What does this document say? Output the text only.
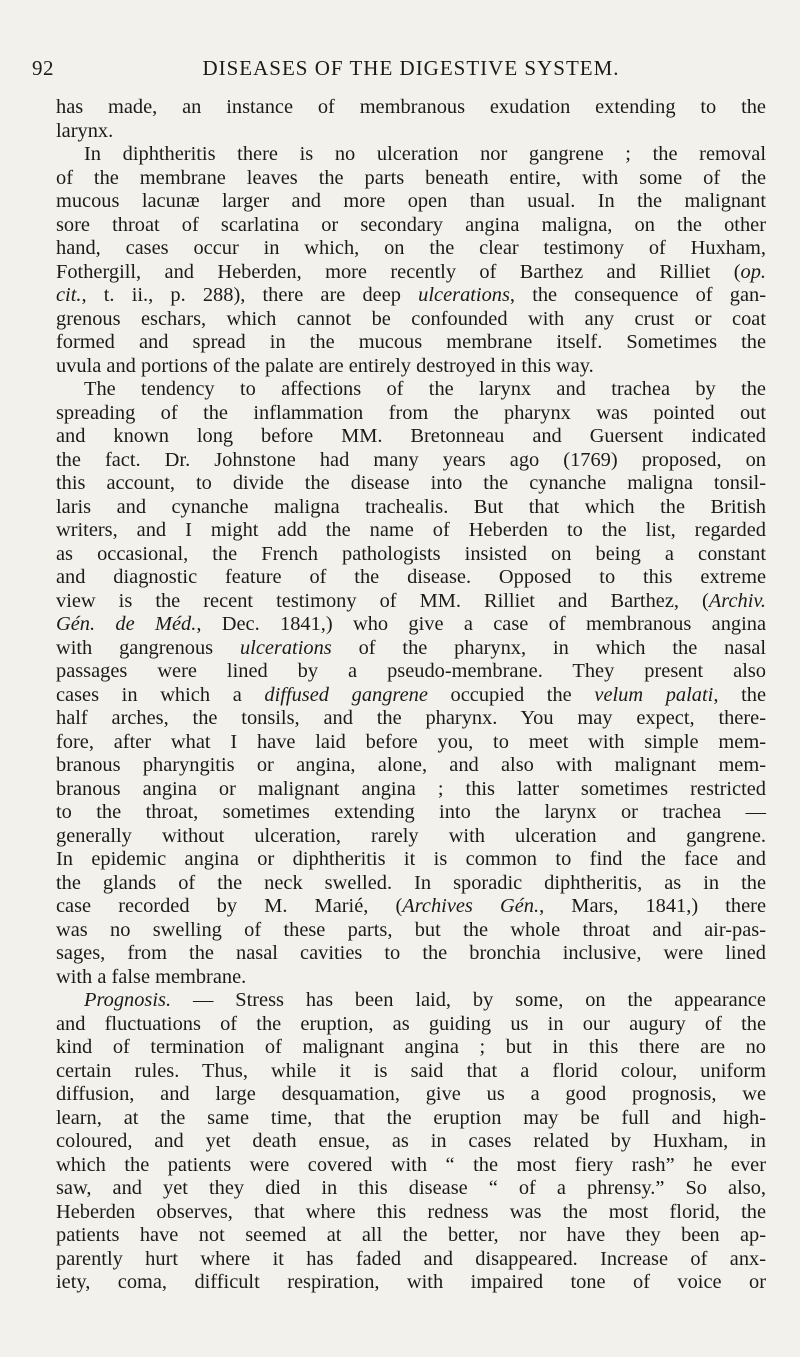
92	DISEASES OF THE DIGESTIVE SYSTEM.
has made, an instance of membranous exudation extending to the
larynx.
In diphtheritis there is no ulceration nor gangrene ; the removal
of the membrane leaves the parts beneath entire, with some of the
mucous lacunæ larger and more open than usual. In the malignant
sore throat of scarlatina or secondary angina maligna, on the other
hand, cases occur in which, on the clear testimony of Huxham,
Fothergill, and Heberden, more recently of Barthez and Rilliet (op.
cit., t. ii., p. 288), there are deep ulcerations, the consequence of gan-
grenous eschars, which cannot be confounded with any crust or coat
formed and spread in the mucous membrane itself. Sometimes the
uvula and portions of the palate are entirely destroyed in this way.
The tendency to affections of the larynx and trachea by the
spreading of the inflammation from the pharynx was pointed out
and known long before MM. Bretonneau and Guersent indicated
the fact. Dr. Johnstone had many years ago (1769) proposed, on
this account, to divide the disease into the cynanche maligna tonsil-
laris and cynanche maligna trachealis. But that which the British
writers, and I might add the name of Heberden to the list, regarded
as occasional, the French pathologists insisted on being a constant
and diagnostic feature of the disease. Opposed to this extreme
view is the recent testimony of MM. Rilliet and Barthez, (Archiv.
Gén. de Méd., Dec. 1841,) who give a case of membranous angina
with gangrenous ulcerations of the pharynx, in which the nasal
passages were lined by a pseudo-membrane. They present also
cases in which a diffused gangrene occupied the velum palati, the
half arches, the tonsils, and the pharynx. You may expect, there-
fore, after what I have laid before you, to meet with simple mem-
branous pharyngitis or angina, alone, and also with malignant mem-
branous angina or malignant angina ; this latter sometimes restricted
to the throat, sometimes extending into the larynx or trachea —
generally without ulceration, rarely with ulceration and gangrene.
In epidemic angina or diphtheritis it is common to find the face and
the glands of the neck swelled. In sporadic diphtheritis, as in the
case recorded by M. Marié, (Archives Gén., Mars, 1841,) there
was no swelling of these parts, but the whole throat and air-pas-
sages, from the nasal cavities to the bronchia inclusive, were lined
with a false membrane.
Prognosis. — Stress has been laid, by some, on the appearance
and fluctuations of the eruption, as guiding us in our augury of the
kind of termination of malignant angina ; but in this there are no
certain rules. Thus, while it is said that a florid colour, uniform
diffusion, and large desquamation, give us a good prognosis, we
learn, at the same time, that the eruption may be full and high-
coloured, and yet death ensue, as in cases related by Huxham, in
which the patients were covered with “ the most fiery rash” he ever
saw, and yet they died in this disease “ of a phrensy.” So also,
Heberden observes, that where this redness was the most florid, the
patients have not seemed at all the better, nor have they been ap-
parently hurt where it has faded and disappeared. Increase of anx-
iety, coma, difficult respiration, with impaired tone of voice or
